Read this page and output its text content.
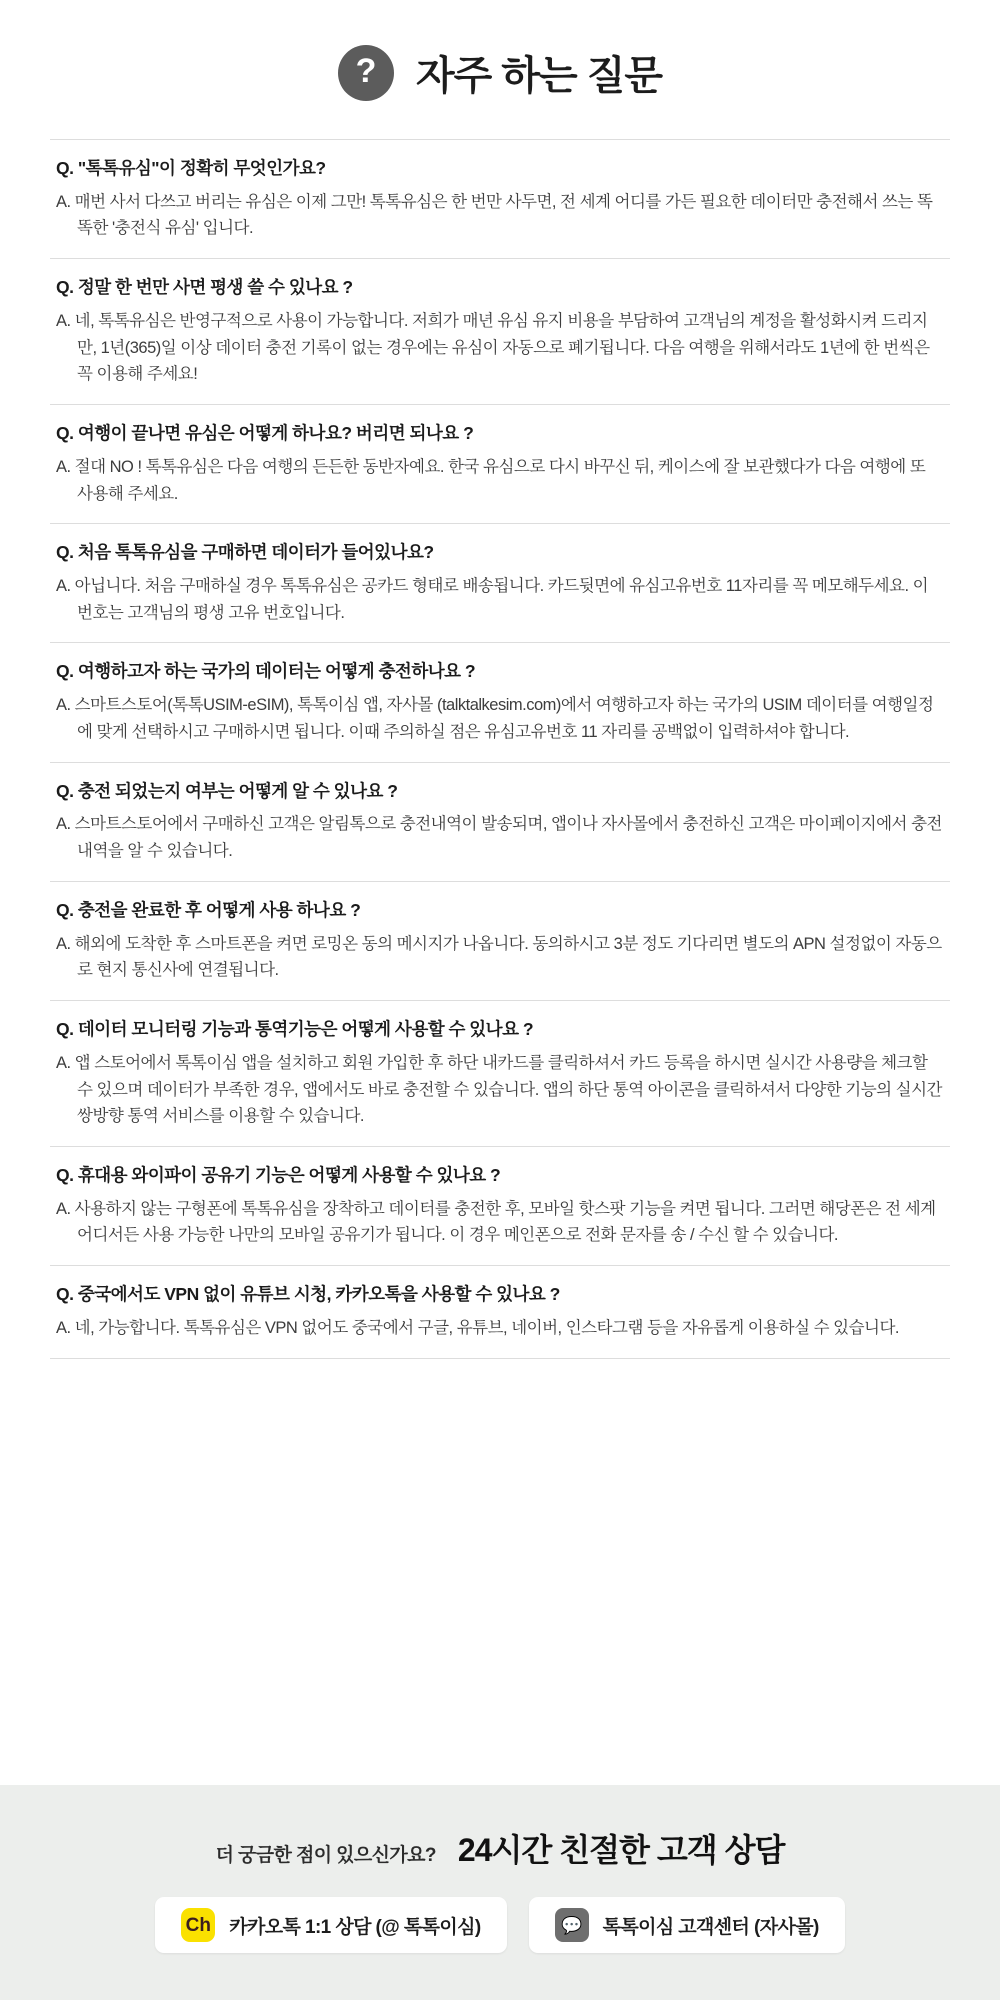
? 자주 하는 질문

Q. "톡톡유심"이 정확히 무엇인가요?

A. 매번 사서 다쓰고 버리는 유심은 이제 그만! 톡톡유심은 한 번만 사두면, 전 세계 어디를 가든 필요한 데이터만 충전해서 쓰는 똑똑한 '충전식 유심' 입니다.

Q. 정말 한 번만 사면 평생 쓸 수 있나요 ?

A. 네, 톡톡유심은 반영구적으로 사용이 가능합니다. 저희가 매년 유심 유지 비용을 부담하여 고객님의 계정을 활성화시켜 드리지만, 1년(365)일 이상 데이터 충전 기록이 없는 경우에는 유심이 자동으로 폐기됩니다. 다음 여행을 위해서라도 1년에 한 번씩은 꼭 이용해 주세요!

Q. 여행이 끝나면 유심은 어떻게 하나요? 버리면 되나요 ?

A. 절대 NO ! 톡톡유심은 다음 여행의 든든한 동반자예요. 한국 유심으로 다시 바꾸신 뒤, 케이스에 잘 보관했다가 다음 여행에 또 사용해 주세요.

Q. 처음 톡톡유심을 구매하면 데이터가 들어있나요?

A. 아닙니다. 처음 구매하실 경우 톡톡유심은 공카드 형태로 배송됩니다. 카드뒷면에 유심고유번호 11자리를 꼭 메모해두세요. 이 번호는 고객님의 평생 고유 번호입니다.

Q. 여행하고자 하는 국가의 데이터는 어떻게 충전하나요 ?

A. 스마트스토어(톡톡USIM-eSIM), 톡톡이심 앱, 자사몰 (talktalkesim.com)에서 여행하고자 하는 국가의 USIM 데이터를 여행일정에 맞게 선택하시고 구매하시면 됩니다. 이때 주의하실 점은 유심고유번호 11 자리를 공백없이 입력하셔야 합니다.

Q. 충전 되었는지 여부는 어떻게 알 수 있나요 ?

A. 스마트스토어에서 구매하신 고객은 알림톡으로 충전내역이 발송되며, 앱이나 자사몰에서 충전하신 고객은 마이페이지에서 충전 내역을 알 수 있습니다.

Q. 충전을 완료한 후 어떻게 사용 하나요 ?

A. 해외에 도착한 후 스마트폰을 켜면 로밍온 동의 메시지가 나옵니다. 동의하시고 3분 정도 기다리면 별도의 APN 설정없이 자동으로 현지 통신사에 연결됩니다.

Q. 데이터 모니터링 기능과 통역기능은 어떻게 사용할 수 있나요 ?

A. 앱 스토어에서 톡톡이심 앱을 설치하고 회원 가입한 후 하단 내카드를 클릭하셔서 카드 등록을 하시면 실시간 사용량을 체크할 수 있으며 데이터가 부족한 경우, 앱에서도 바로 충전할 수 있습니다. 앱의 하단 통역 아이콘을 클릭하셔서 다양한 기능의 실시간 쌍방향 통역 서비스를 이용할 수 있습니다.

Q. 휴대용 와이파이 공유기 기능은 어떻게 사용할 수 있나요 ?

A. 사용하지 않는 구형폰에 톡톡유심을 장착하고 데이터를 충전한 후, 모바일 핫스팟 기능을 켜면 됩니다. 그러면 해당폰은 전 세계 어디서든 사용 가능한 나만의 모바일 공유기가 됩니다. 이 경우 메인폰으로 전화 문자를 송 / 수신 할 수 있습니다.

Q. 중국에서도 VPN 없이 유튜브 시청, 카카오톡을 사용할 수 있나요 ?

A. 네, 가능합니다. 톡톡유심은 VPN 없어도 중국에서 구글, 유튜브, 네이버, 인스타그램 등을 자유롭게 이용하실 수 있습니다.

더 궁금한 점이 있으신가요? 24시간 친절한 고객 상담
Ch 카카오톡 1:1 상담 (@ 톡톡이심)	💬	톡톡이심 고객센터 (자사몰)
